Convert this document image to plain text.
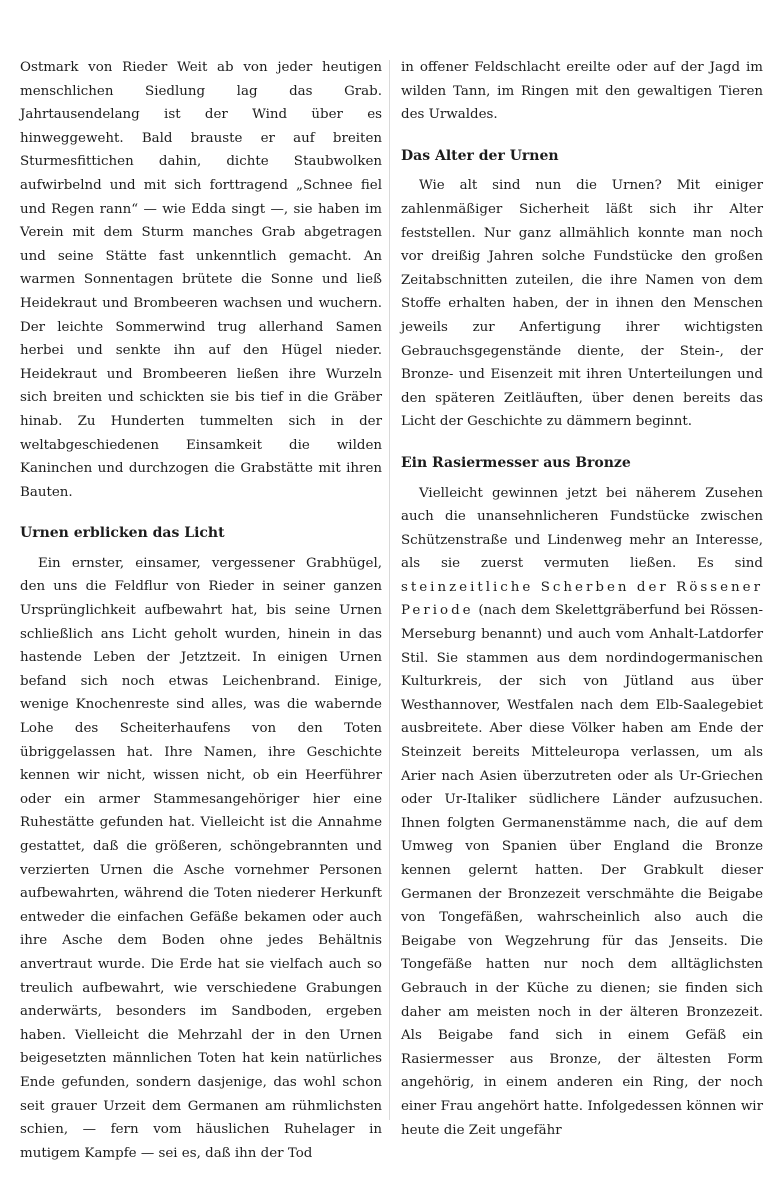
Ostmark von Rieder Weit ab von jeder heutigen menschlichen Siedlung lag das Grab. Jahrtausendelang ist der Wind über es hinweggeweht. Bald brauste er auf breiten Sturmesfittichen dahin, dichte Staubwolken aufwirbelnd und mit sich forttragend „Schnee fiel und Regen rann“ — wie Edda singt —, sie haben im Verein mit dem Sturm manches Grab abgetragen und seine Stätte fast unkenntlich gemacht. An warmen Sonnentagen brütete die Sonne und ließ Heidekraut und Brombeeren wachsen und wuchern. Der leichte Sommerwind trug allerhand Samen herbei und senkte ihn auf den Hügel nieder. Heidekraut und Brombeeren ließen ihre Wurzeln sich breiten und schickten sie bis tief in die Gräber hinab. Zu Hunderten tummelten sich in der weltabgeschiedenen Einsamkeit die wilden Kaninchen und durchzogen die Grabstätte mit ihren Bauten.

Urnen erblicken das Licht

Ein ernster, einsamer, vergessener Grabhügel, den uns die Feldflur von Rieder in seiner ganzen Ursprünglichkeit aufbewahrt hat, bis seine Urnen schließlich ans Licht geholt wurden, hinein in das hastende Leben der Jetztzeit. In einigen Urnen befand sich noch etwas Leichenbrand. Einige, wenige Knochenreste sind alles, was die wabernde Lohe des Scheiterhaufens von den Toten übriggelassen hat. Ihre Namen, ihre Geschichte kennen wir nicht, wissen nicht, ob ein Heerführer oder ein armer Stammesangehöriger hier eine Ruhestätte gefunden hat. Vielleicht ist die Annahme gestattet, daß die größeren, schöngebrannten und verzierten Urnen die Asche vornehmer Personen aufbewahrten, während die Toten niederer Herkunft entweder die einfachen Gefäße bekamen oder auch ihre Asche dem Boden ohne jedes Behältnis anvertraut wurde. Die Erde hat sie vielfach auch so treulich aufbewahrt, wie verschiedene Grabungen anderwärts, besonders im Sandboden, ergeben haben. Vielleicht die Mehrzahl der in den Urnen beigesetzten männlichen Toten hat kein natürliches Ende gefunden, sondern dasjenige, das wohl schon seit grauer Urzeit dem Germanen am rühmlichsten schien, — fern vom häuslichen Ruhelager in mutigem Kampfe — sei es, daß ihn der Tod

in offener Feldschlacht ereilte oder auf der Jagd im wilden Tann, im Ringen mit den gewaltigen Tieren des Urwaldes.

Das Alter der Urnen

Wie alt sind nun die Urnen? Mit einiger zahlenmäßiger Sicherheit läßt sich ihr Alter feststellen. Nur ganz allmählich konnte man noch vor dreißig Jahren solche Fundstücke den großen Zeitabschnitten zuteilen, die ihre Namen von dem Stoffe erhalten haben, der in ihnen den Menschen jeweils zur Anfertigung ihrer wichtigsten Gebrauchsgegenstände diente, der Stein-, der Bronze- und Eisenzeit mit ihren Unterteilungen und den späteren Zeitläuften, über denen bereits das Licht der Geschichte zu dämmern beginnt.

Ein Rasiermesser aus Bronze

Vielleicht gewinnen jetzt bei näherem Zusehen auch die unansehnlicheren Fundstücke zwischen Schützenstraße und Lindenweg mehr an Interesse, als sie zuerst vermuten ließen. Es sind steinzeitliche Scherben der Rössener Periode (nach dem Skelettgräberfund bei Rössen-Merseburg benannt) und auch vom Anhalt-Latdorfer Stil. Sie stammen aus dem nordindogermanischen Kulturkreis, der sich von Jütland aus über Westhannover, Westfalen nach dem Elb-Saalegebiet ausbreitete. Aber diese Völker haben am Ende der Steinzeit bereits Mitteleuropa verlassen, um als Arier nach Asien überzutreten oder als Ur-Griechen oder Ur-Italiker südlichere Länder aufzusuchen. Ihnen folgten Germanenstämme nach, die auf dem Umweg von Spanien über England die Bronze kennen gelernt hatten. Der Grabkult dieser Germanen der Bronzezeit verschmähte die Beigabe von Tongefäßen, wahrscheinlich also auch die Beigabe von Wegzehrung für das Jenseits. Die Tongefäße hatten nur noch dem alltäglichsten Gebrauch in der Küche zu dienen; sie finden sich daher am meisten noch in der älteren Bronzezeit. Als Beigabe fand sich in einem Gefäß ein Rasiermesser aus Bronze, der ältesten Form angehörig, in einem anderen ein Ring, der noch einer Frau angehört hatte. Infolgedessen können wir heute die Zeit ungefähr
